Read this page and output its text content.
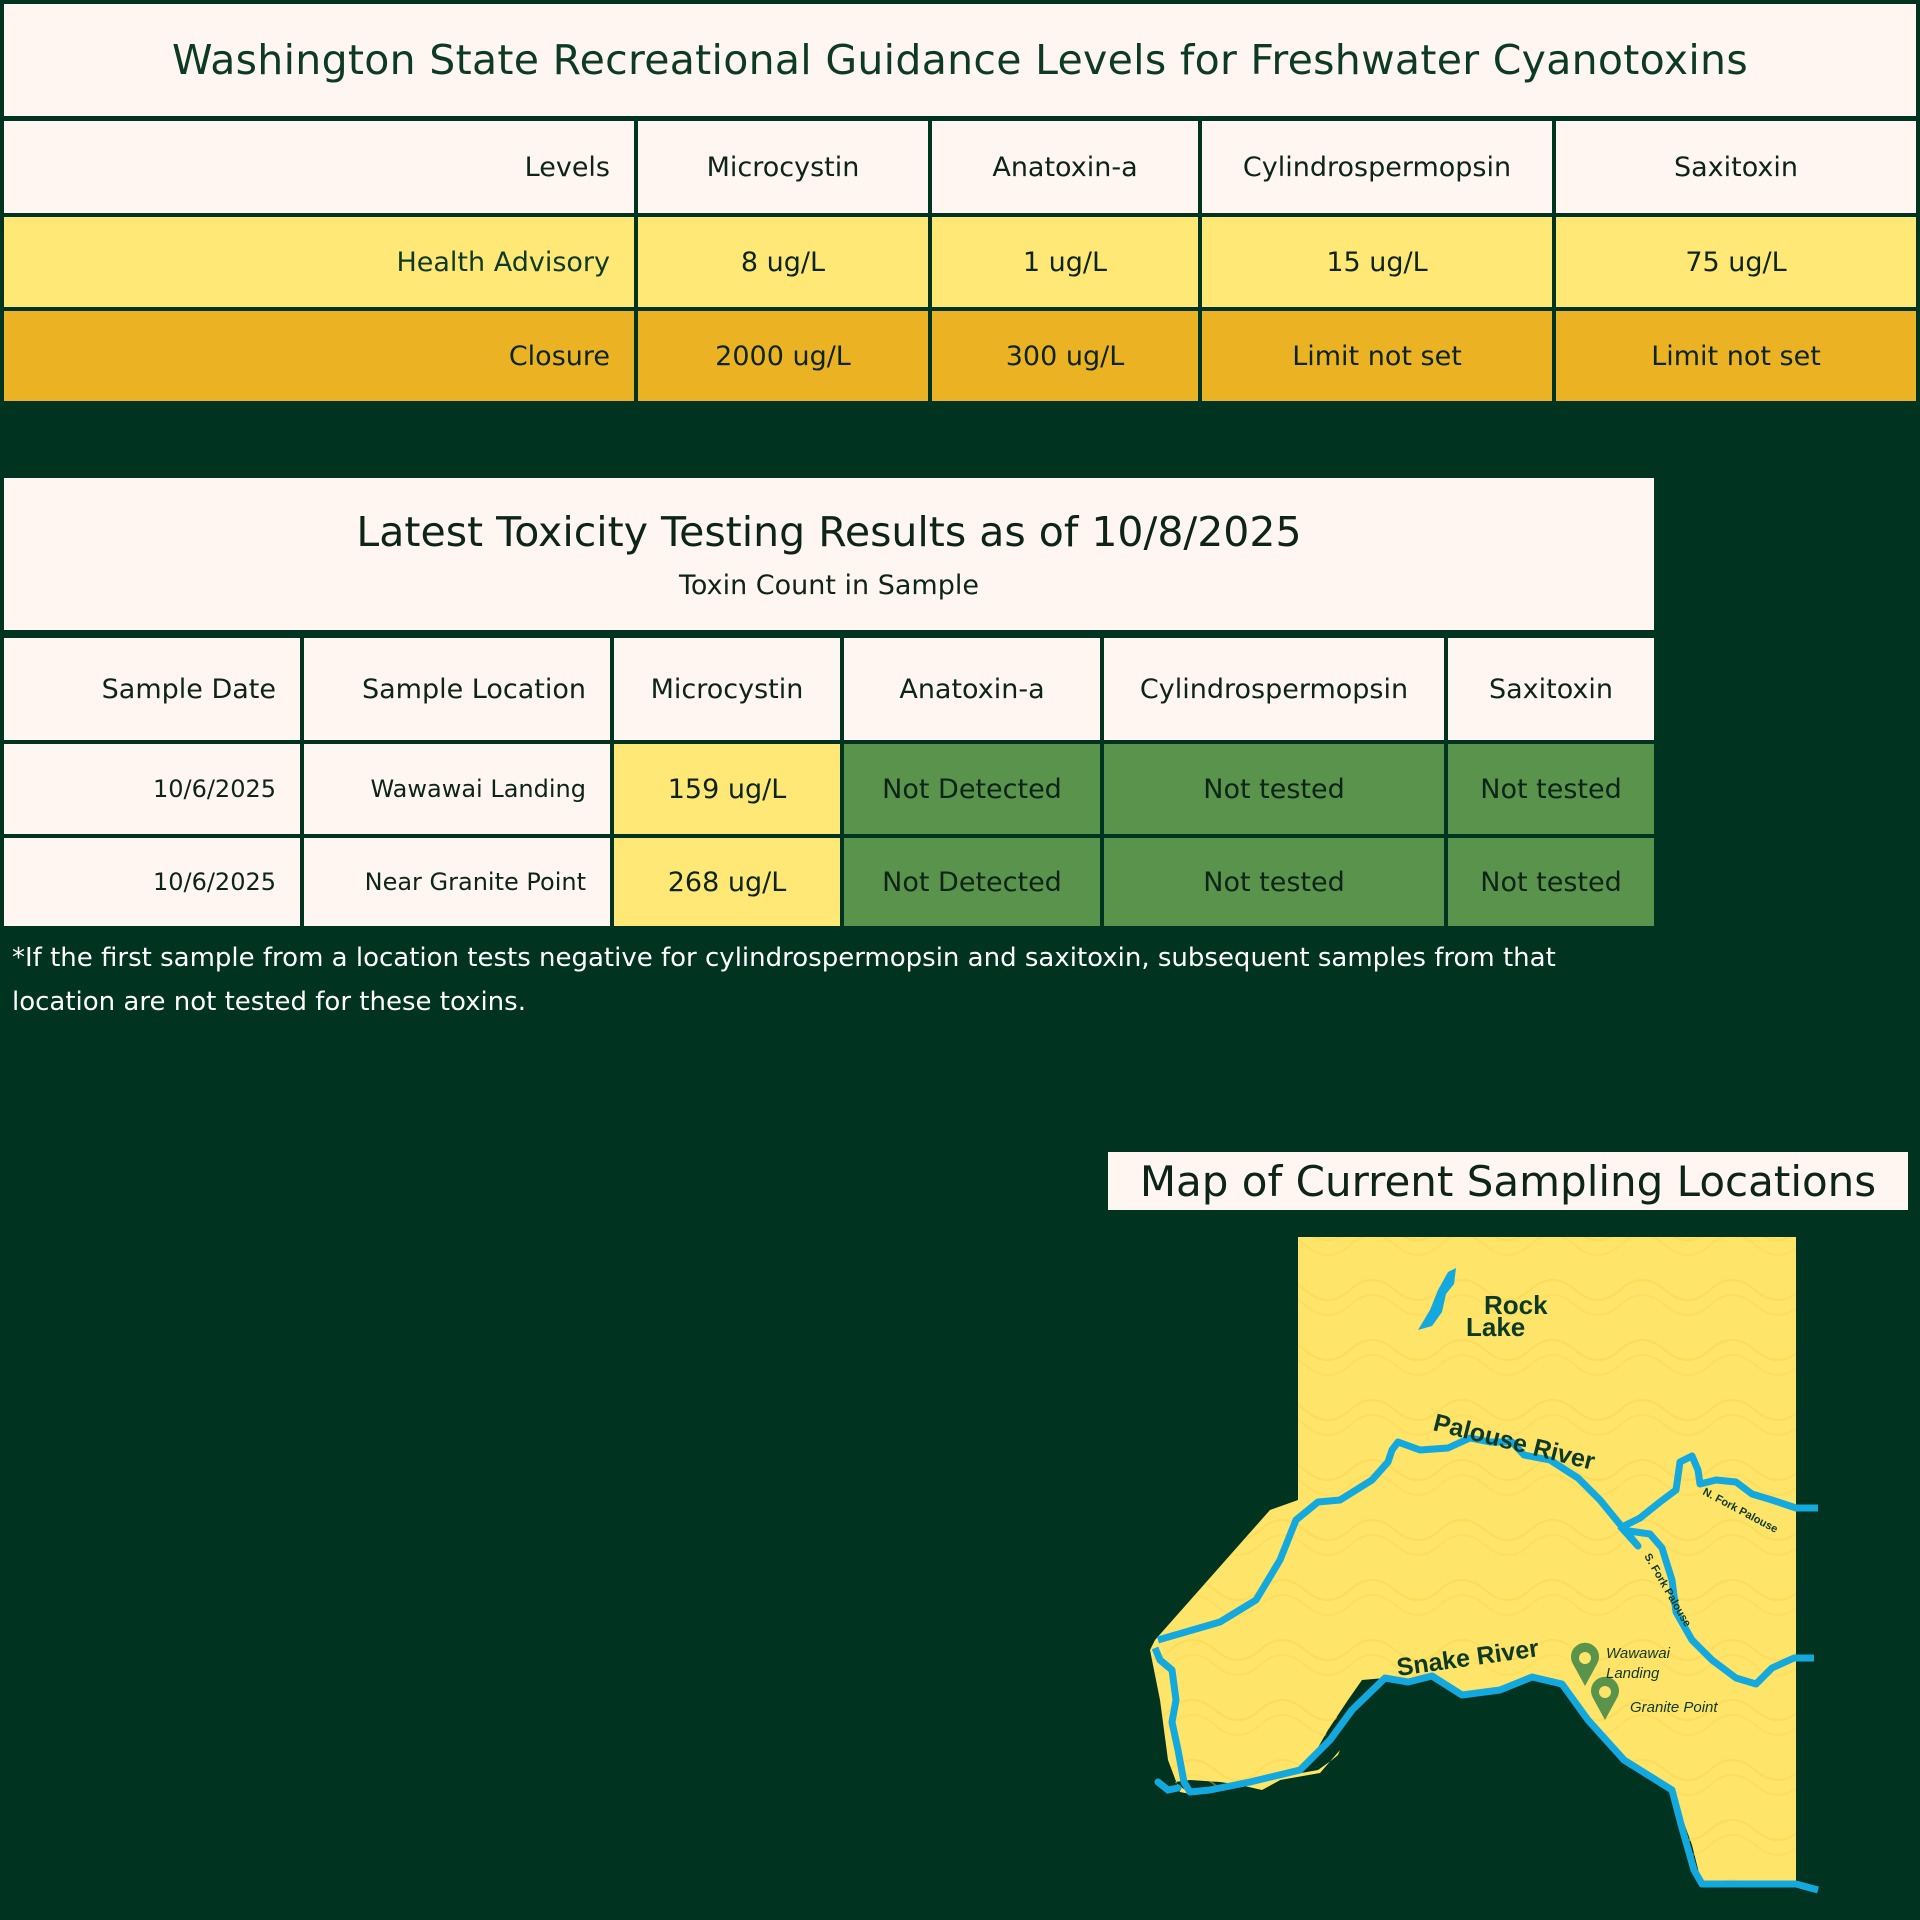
Washington State Recreational Guidance Levels for Freshwater Cyanotoxins
Levels	Microcystin	Anatoxin-a	Cylindrospermopsin	Saxitoxin
Health Advisory	8 ug/L	1 ug/L	15 ug/L	75 ug/L
Closure	2000 ug/L	300 ug/L	Limit not set	Limit not set
Latest Toxicity Testing Results as of 10/8/2025
Toxin Count in Sample
Sample Date	Sample Location	Microcystin	Anatoxin-a	Cylindrospermopsin	Saxitoxin
10/6/2025	Wawawai Landing	159 ug/L	Not Detected	Not tested	Not tested
10/6/2025	Near Granite Point	268 ug/L	Not Detected	Not tested	Not tested
*If the first sample from a location tests negative for cylindrospermopsin and saxitoxin, subsequent samples from that location are not tested for these toxins.
Map of Current Sampling Locations
Rock
Lake
Palouse River
N. Fork Palouse
S. Fork Palouse
Snake River	Wawawai
Landing
Granite Point
